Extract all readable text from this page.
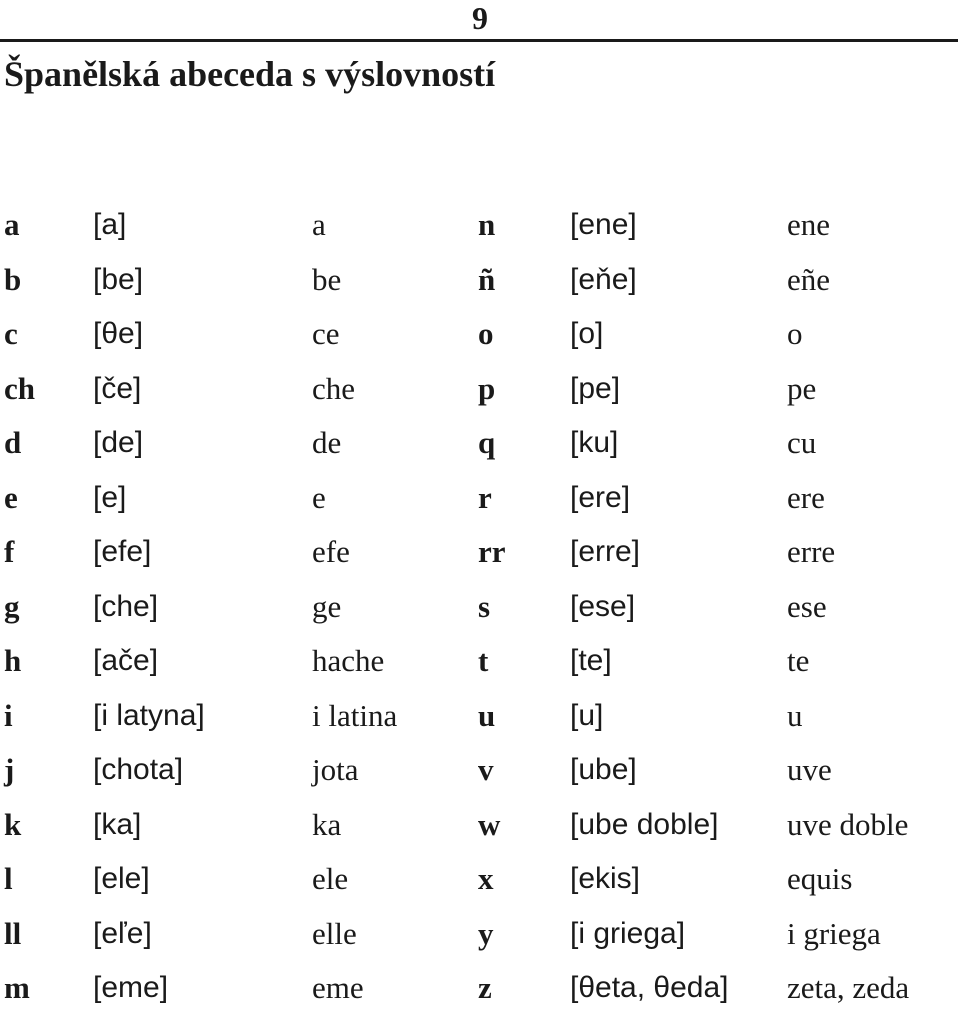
9
Španělská abeceda s výslovností
a [a]	a	n [ene]	ene
b [be]	be	ñ [eňe]	eñe
c	[θe]	ce	o	[o]	o
ch [če]	che	p [pe]	pe
d [de]	de	q [ku]	cu
e	[e]	e	r	[ere]	ere
f	[efe]	efe	rr [erre]	erre
g [che]	ge	s	[ese]	ese
h [ače]	hache	t	[te]	te
i	[i latyna]	i latina	u [u]	u
j	[chota]	jota	v	[ube]	uve
k [ka]	ka	w [ube doble] uve doble
l	[ele]	ele	x	[ekis]	equis
ll [eľe]	elle	y	[i griega]	i griega
m [eme]	eme	z	[θeta, θeda] zeta, zeda
